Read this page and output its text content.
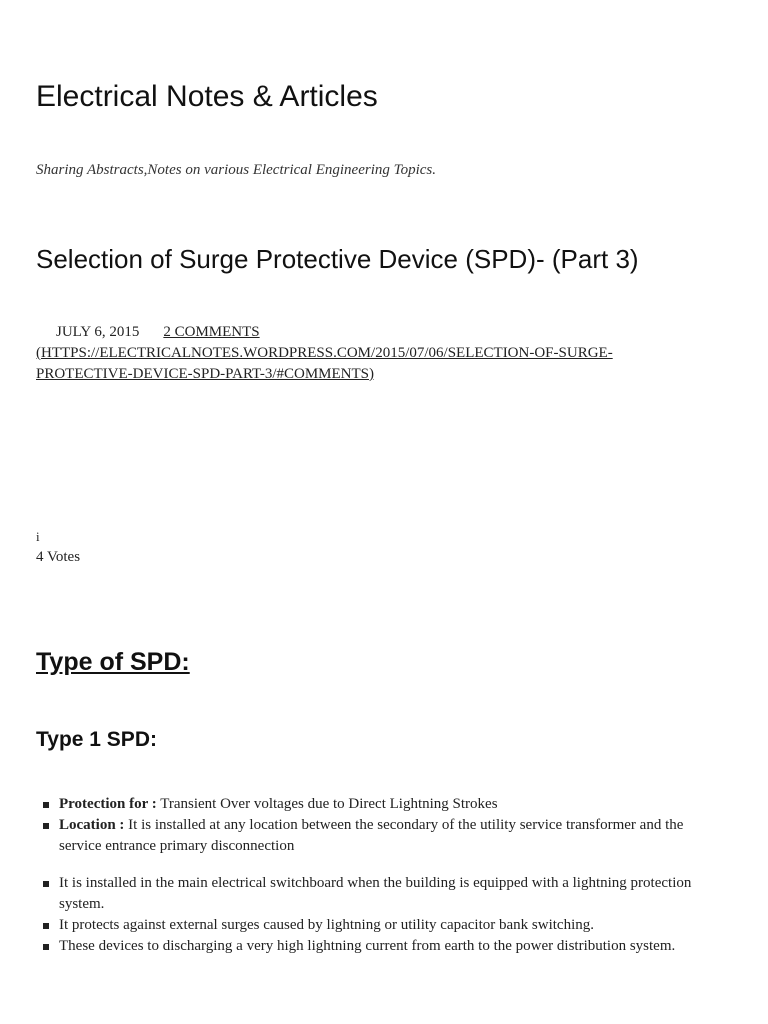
Electrical Notes & Articles

Sharing Abstracts,Notes on various Electrical Engineering Topics.

Selection of Surge Protective Device (SPD)- (Part 3)
JULY 6, 2015 2 COMMENTS
(HTTPS://ELECTRICALNOTES.WORDPRESS.COM/2015/07/06/SELECTION-OF-SURGE-PROTECTIVE-DEVICE-SPD-PART-3/#COMMENTS)
i
4 Votes
Type of SPD:
Type 1 SPD:
Protection for : Transient Over voltages due to Direct Lightning Strokes
Location : It is installed at any location between the secondary of the utility service transformer and the service entrance primary disconnection
It is installed in the main electrical switchboard when the building is equipped with a lightning protection system.
It protects against external surges caused by lightning or utility capacitor bank switching.
These devices to discharging a very high lightning current from earth to the power distribution system.
